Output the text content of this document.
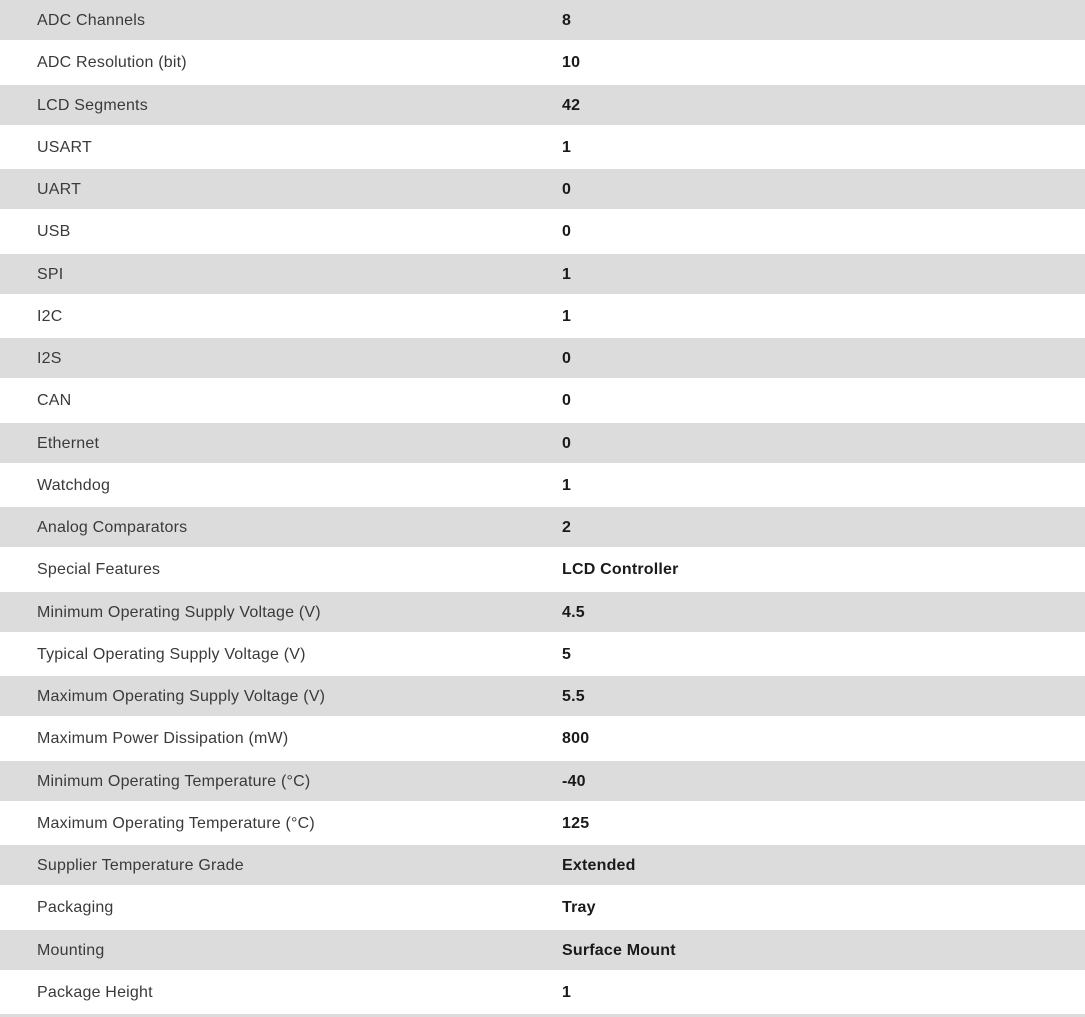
ADC Channels	8
ADC Resolution (bit)	10
LCD Segments	42
USART	1
UART	0
USB	0
SPI	1
I2C	1
I2S	0
CAN	0
Ethernet	0
Watchdog	1
Analog Comparators	2
Special Features	LCD Controller
Minimum Operating Supply Voltage (V)	4.5
Typical Operating Supply Voltage (V)	5
Maximum Operating Supply Voltage (V)	5.5
Maximum Power Dissipation (mW)	800
Minimum Operating Temperature (°C)	-40
Maximum Operating Temperature (°C)	125
Supplier Temperature Grade	Extended
Packaging	Tray
Mounting	Surface Mount
Package Height	1
